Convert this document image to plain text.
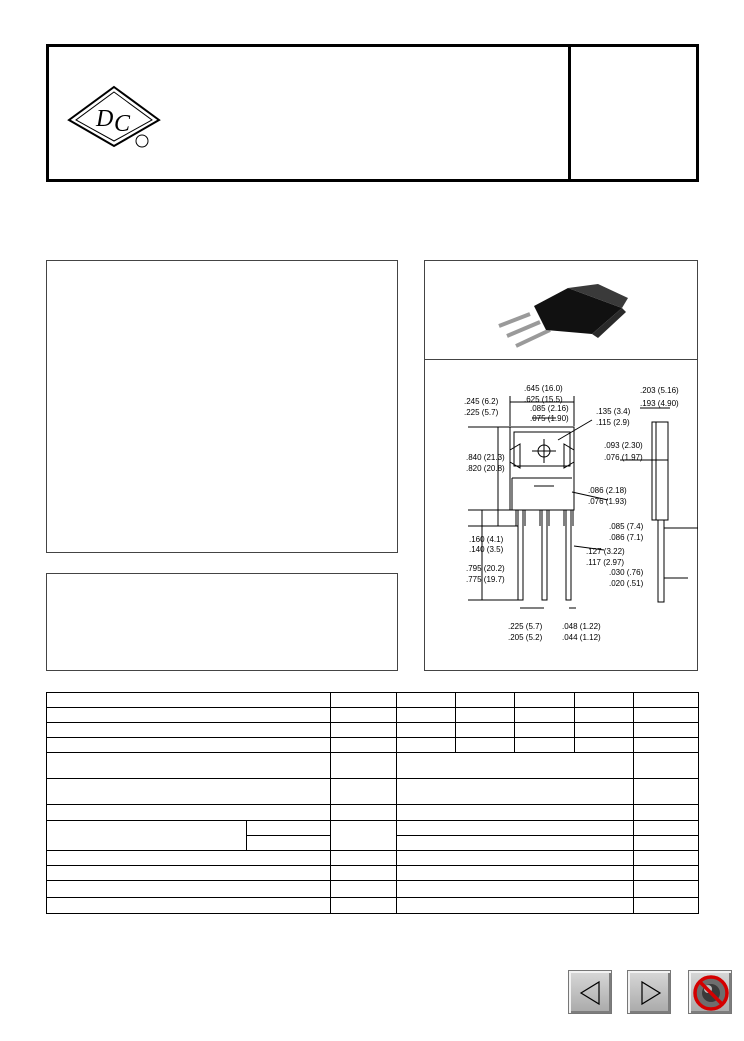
D C
.645 (16.0)
.625 (15.5)
.085 (2.16)
.075 (1.90)
.135 (3.4)
.115 (2.9)
.245 (6.2)
.225 (5.7)
.840 (21.3)
.820 (20.8)
.203 (5.16)
.193 (4.90)
.093 (2.30)
.076 (1.97)
.086 (2.18)
.076 (1.93)
.085 (7.4)
.086 (7.1)
.160 (4.1)
.140 (3.5)	.127 (3.22)
.117 (2.97)
.030 (.76)
.020 (.51)
.795 (20.2)
.775 (19.7)
.225 (5.7)
.205 (5.2)
.048 (1.22)
.044 (1.12)
